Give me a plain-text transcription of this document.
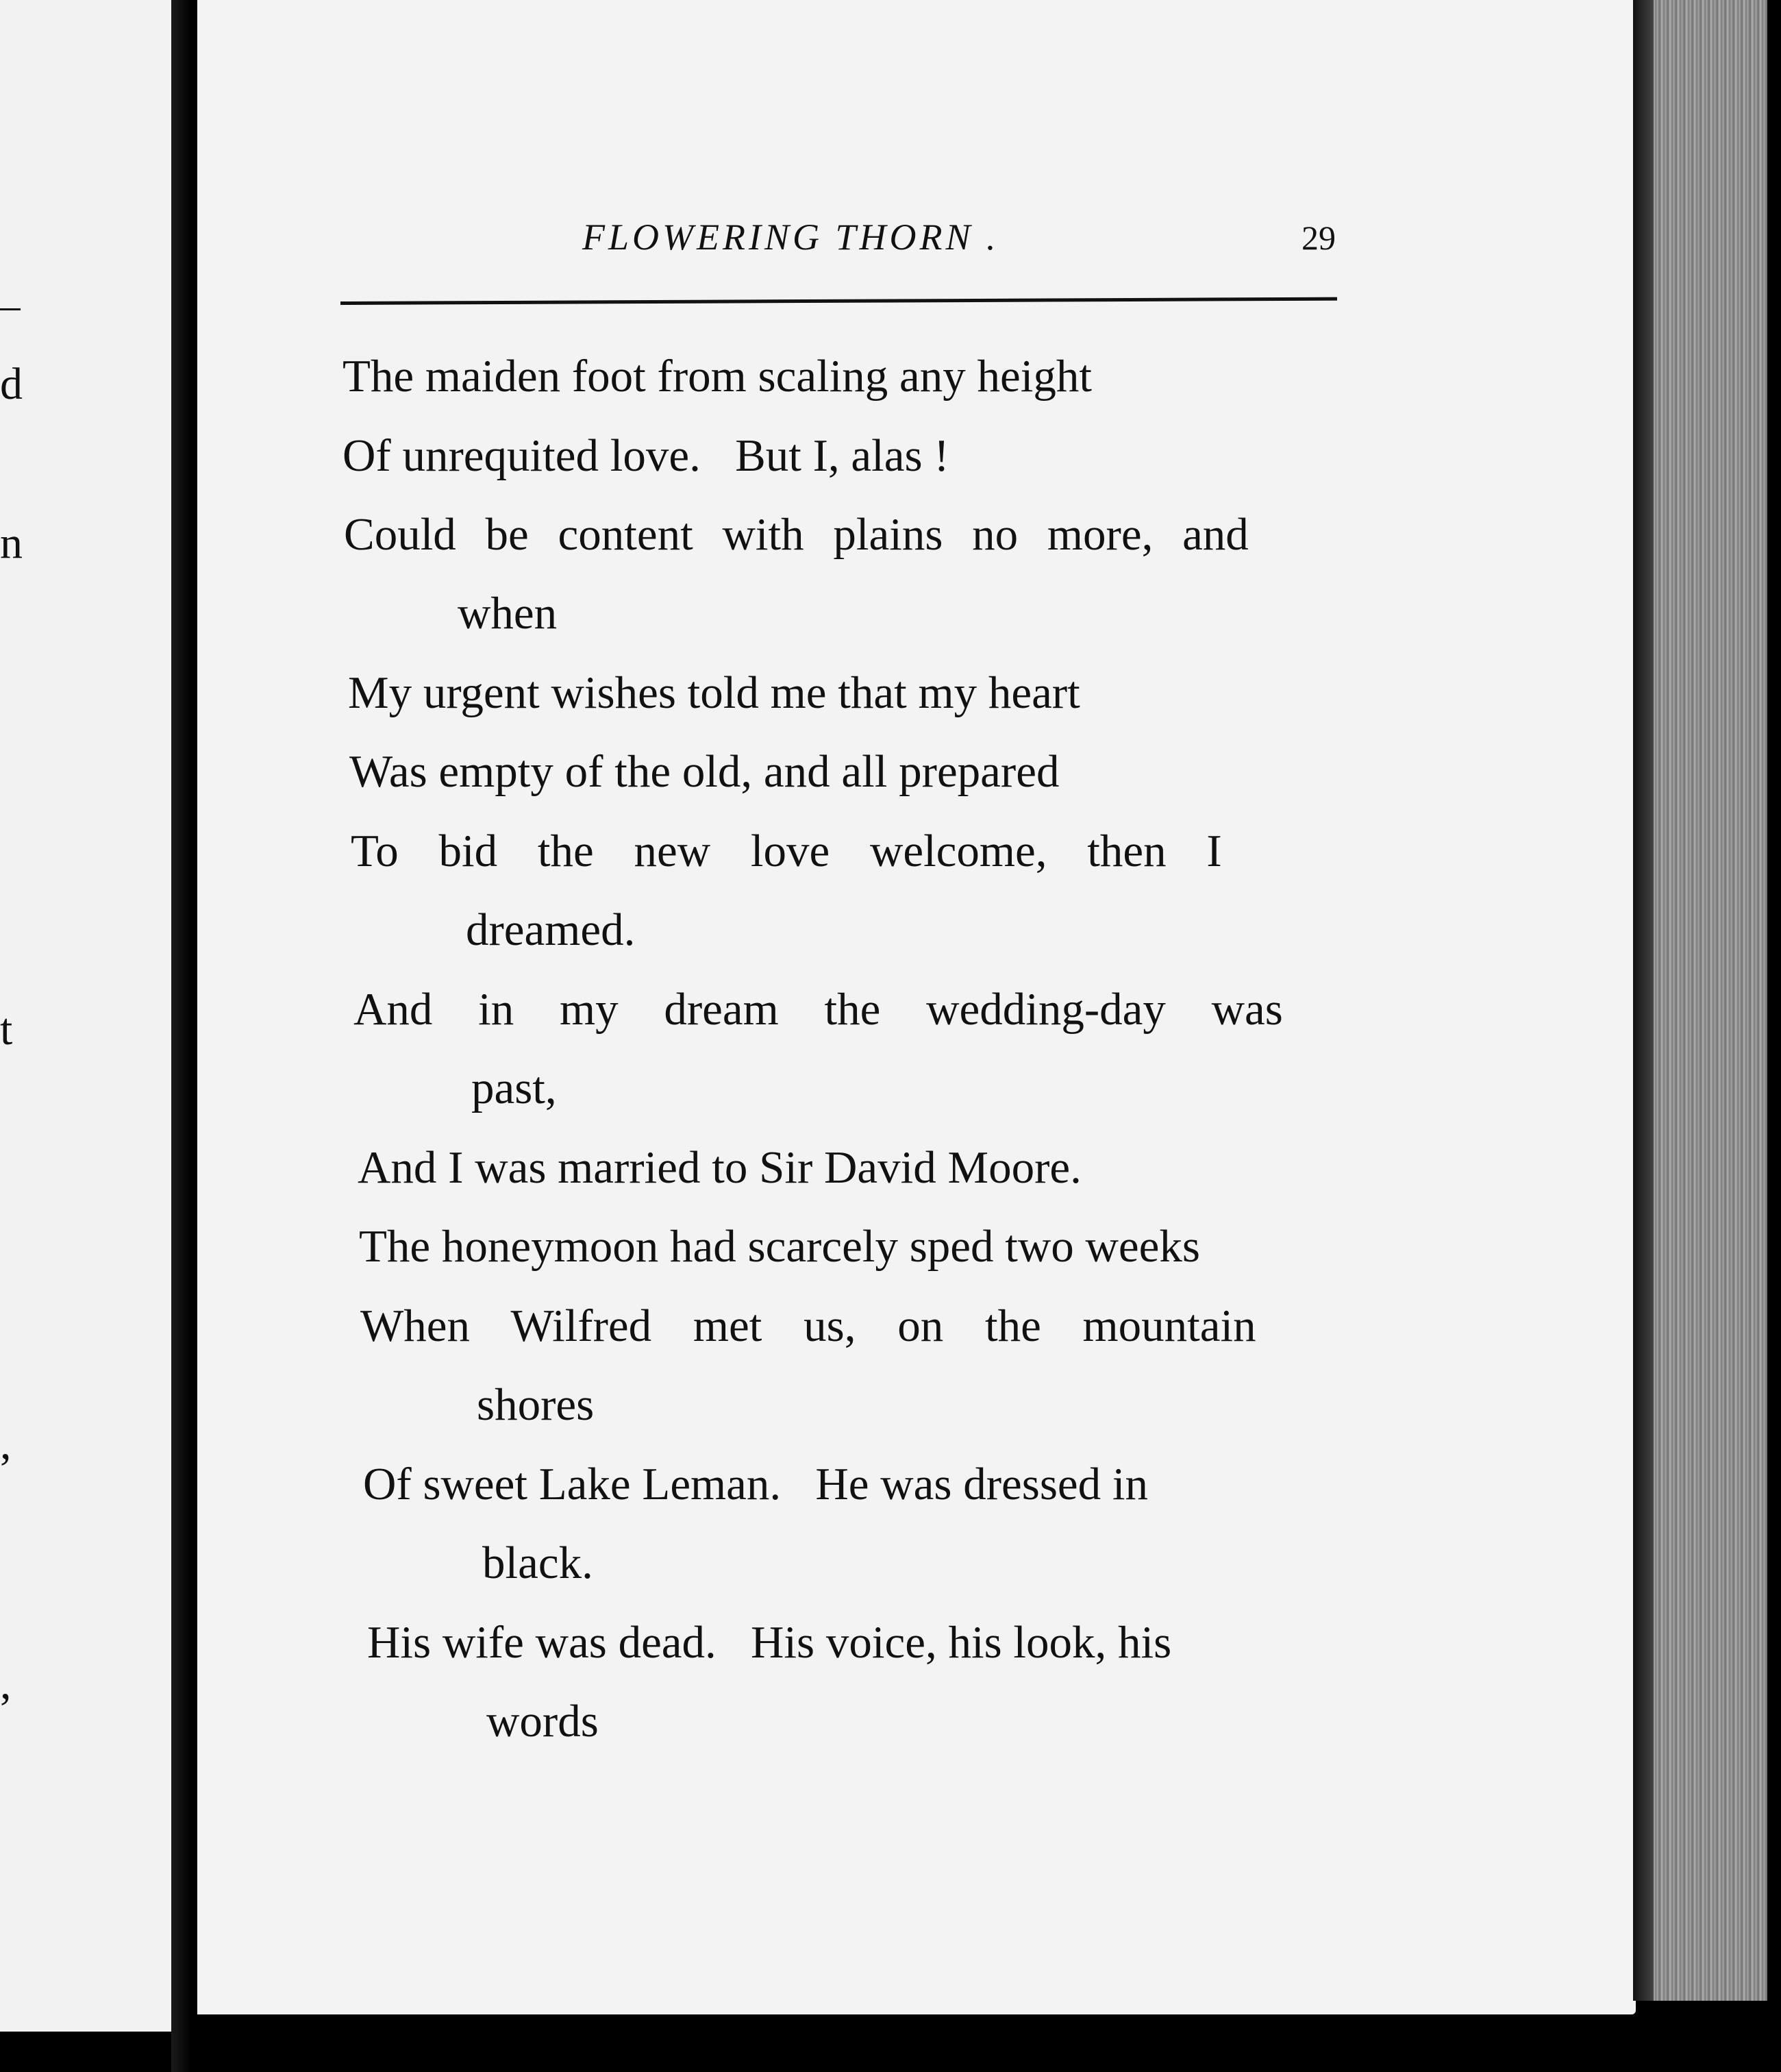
d
n
t
,
,
FLOWERING THORN .	29
The maiden foot from scaling any height
Of unrequited love.   But I, alas !
Could be content with plains no more, and
when
My urgent wishes told me that my heart
Was empty of the old, and all prepared
To bid the new love welcome, then I
dreamed.
And in my dream the wedding-day was
past,
And I was married to Sir David Moore.
The honeymoon had scarcely sped two weeks
When Wilfred met us, on the mountain
shores
Of sweet Lake Leman.   He was dressed in
black.
His wife was dead.   His voice, his look, his
words
